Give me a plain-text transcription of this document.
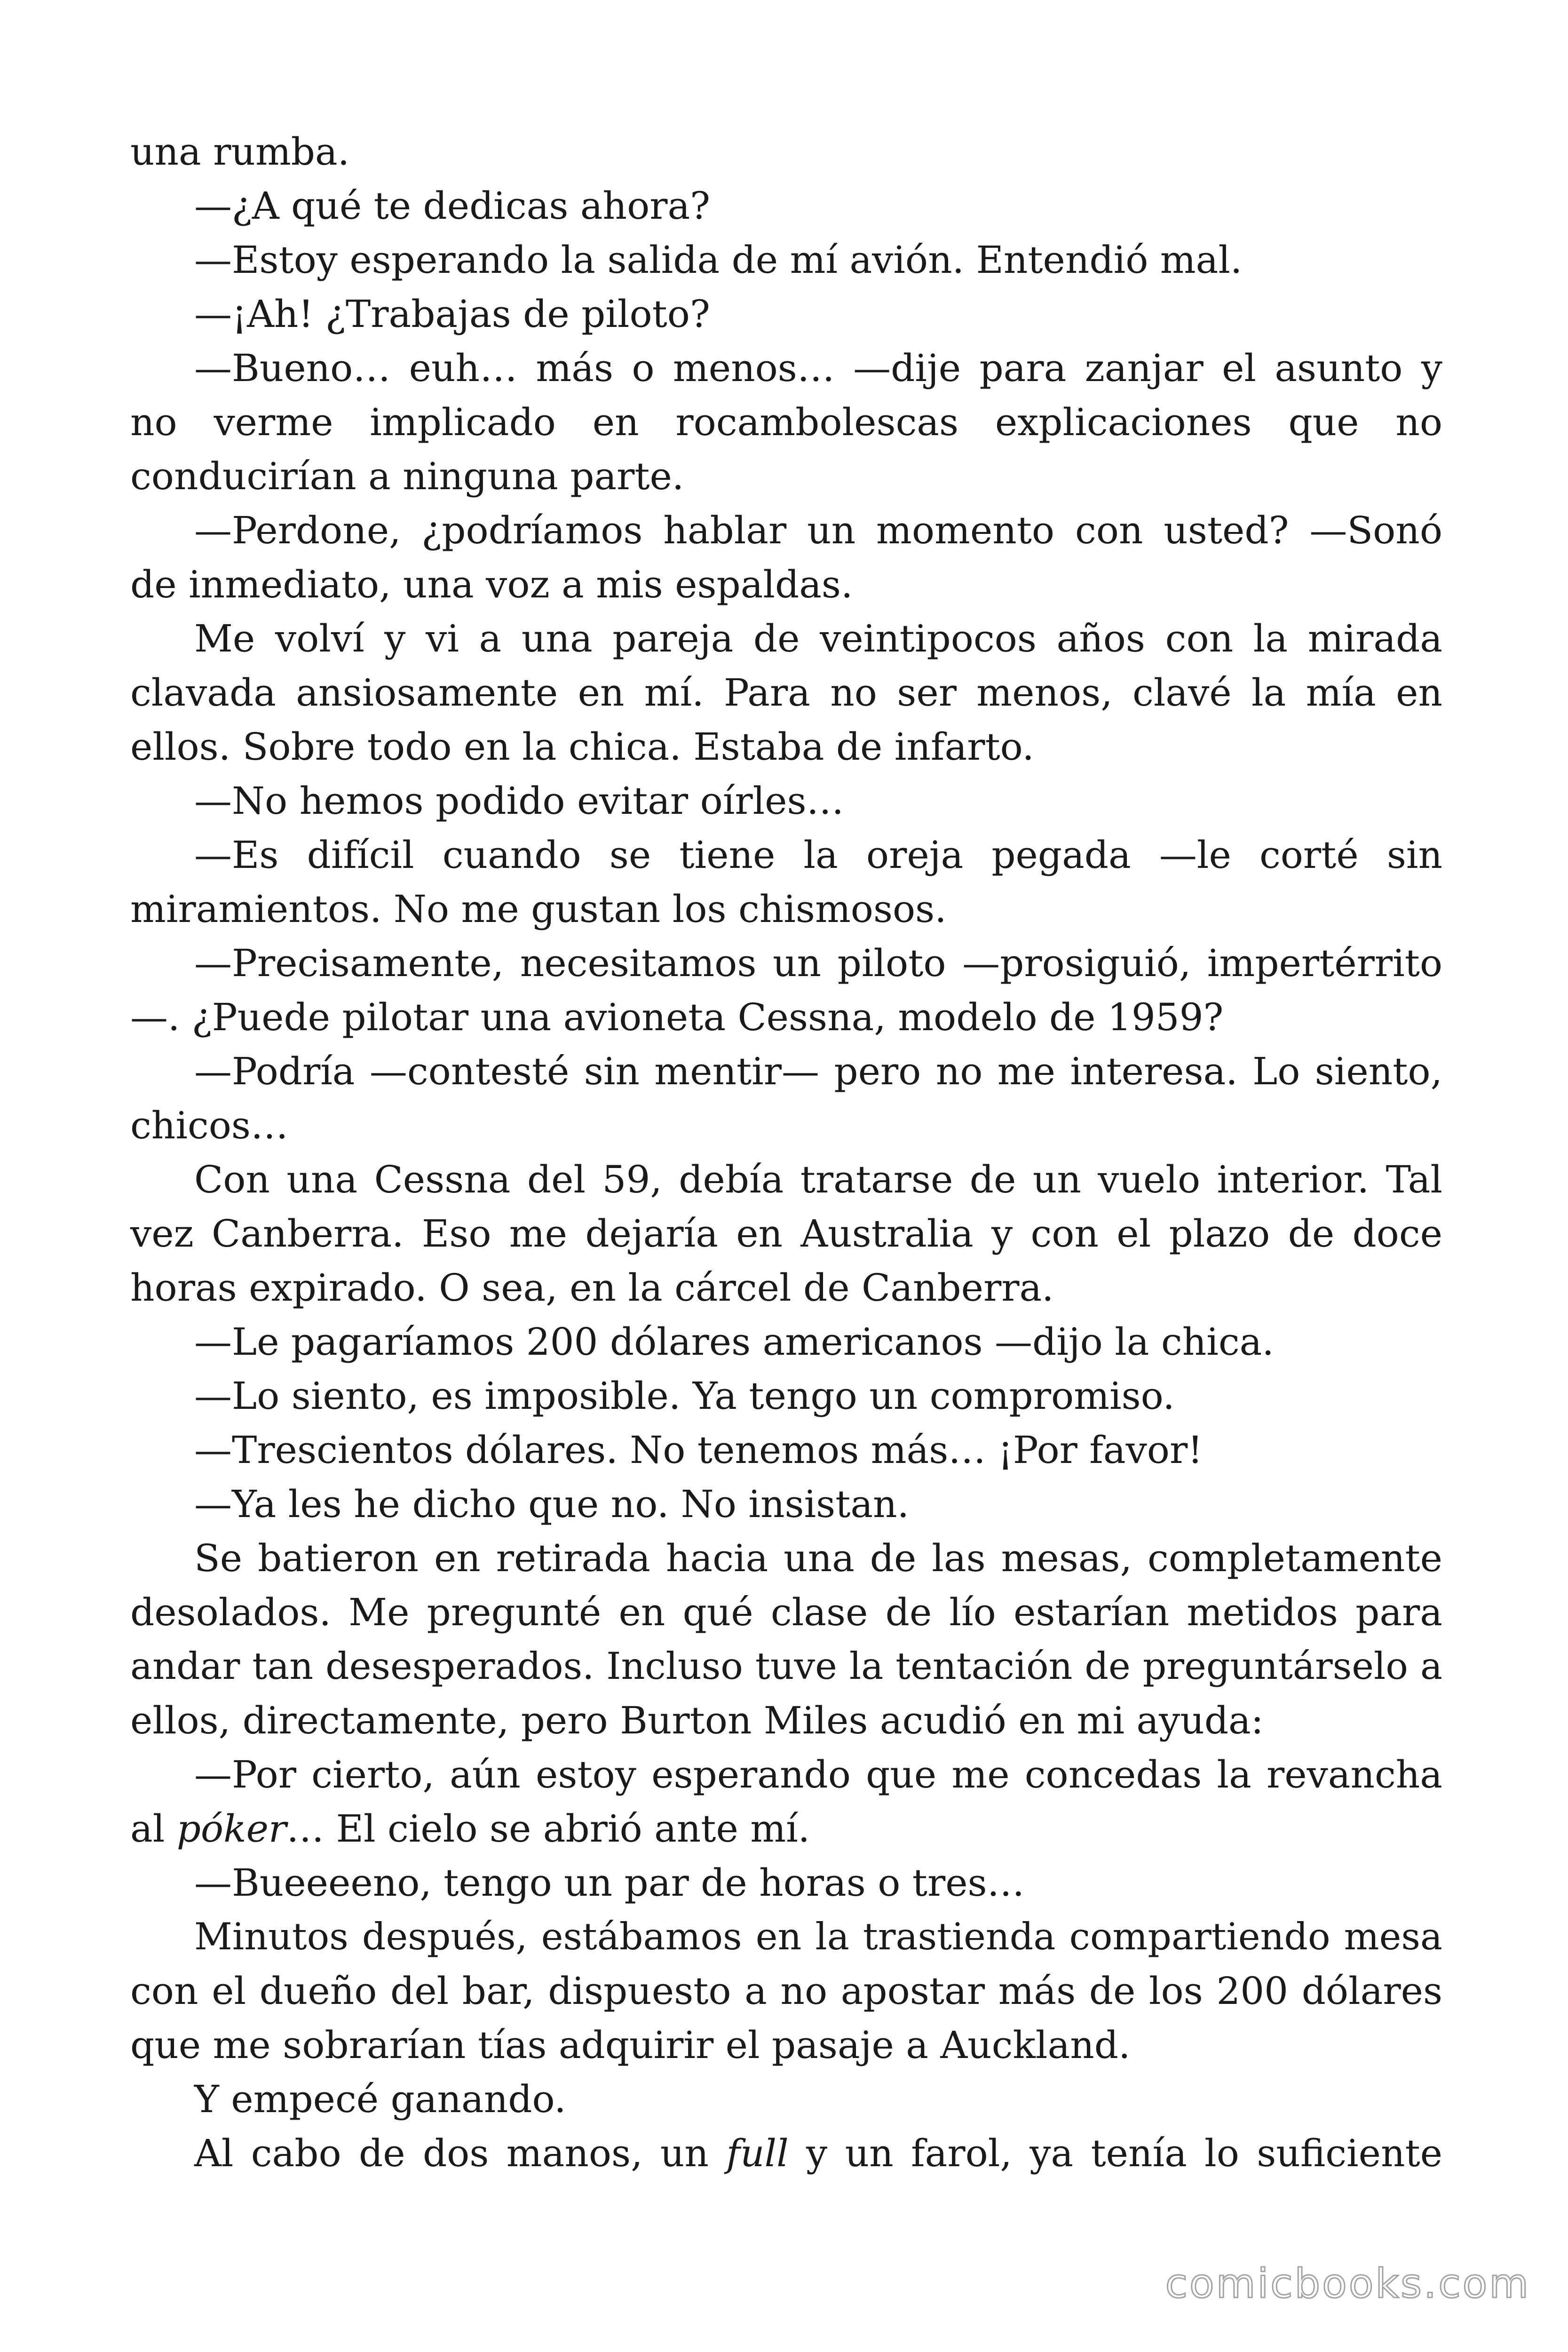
una rumba.
—¿A qué te dedicas ahora?
—Estoy esperando la salida de mí avión. Entendió mal.
—¡Ah! ¿Trabajas de piloto?
—Bueno… euh… más o menos… —dije para zanjar el asunto y
no verme implicado en rocambolescas explicaciones que no
conducirían a ninguna parte.
—Perdone, ¿podríamos hablar un momento con usted? —Sonó
de inmediato, una voz a mis espaldas.
Me volví y vi a una pareja de veintipocos años con la mirada
clavada ansiosamente en mí. Para no ser menos, clavé la mía en
ellos. Sobre todo en la chica. Estaba de infarto.
—No hemos podido evitar oírles…
—Es difícil cuando se tiene la oreja pegada —le corté sin
miramientos. No me gustan los chismosos.
—Precisamente, necesitamos un piloto —prosiguió, impertérrito
—. ¿Puede pilotar una avioneta Cessna, modelo de 1959?
—Podría —contesté sin mentir— pero no me interesa. Lo siento,
chicos…
Con una Cessna del 59, debía tratarse de un vuelo interior. Tal
vez Canberra. Eso me dejaría en Australia y con el plazo de doce
horas expirado. O sea, en la cárcel de Canberra.
—Le pagaríamos 200 dólares americanos —dijo la chica.
—Lo siento, es imposible. Ya tengo un compromiso.
—Trescientos dólares. No tenemos más… ¡Por favor!
—Ya les he dicho que no. No insistan.
Se batieron en retirada hacia una de las mesas, completamente
desolados. Me pregunté en qué clase de lío estarían metidos para
andar tan desesperados. Incluso tuve la tentación de preguntárselo a
ellos, directamente, pero Burton Miles acudió en mi ayuda:
—Por cierto, aún estoy esperando que me concedas la revancha
al póker… El cielo se abrió ante mí.
—Bueeeeno, tengo un par de horas o tres…
Minutos después, estábamos en la trastienda compartiendo mesa
con el dueño del bar, dispuesto a no apostar más de los 200 dólares
que me sobrarían tías adquirir el pasaje a Auckland.
Y empecé ganando.
Al cabo de dos manos, un full y un farol, ya tenía lo suficiente
comicbooks.com
